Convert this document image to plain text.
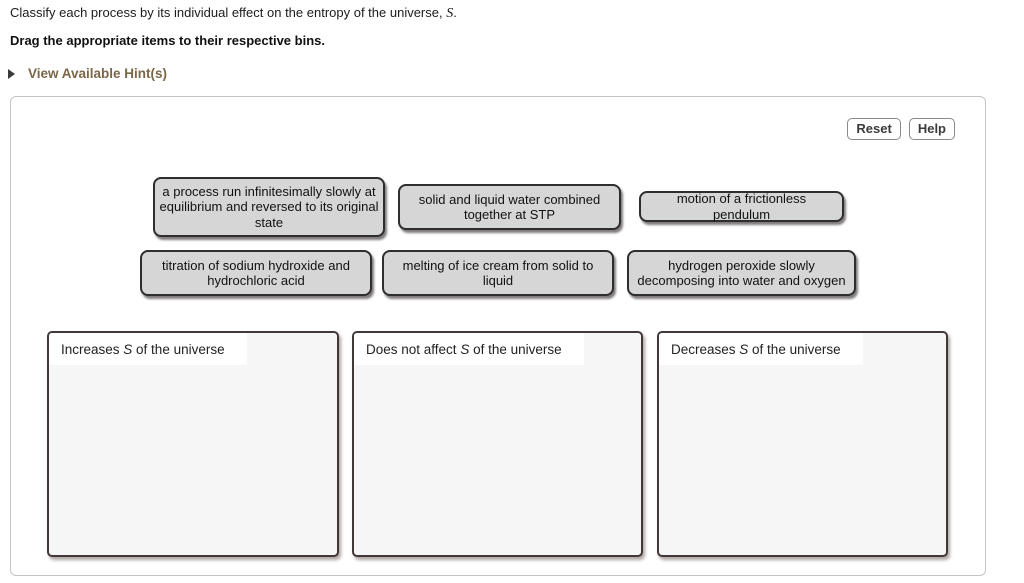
Classify each process by its individual effect on the entropy of the universe, S.
Drag the appropriate items to their respective bins.
View Available Hint(s)
Reset	Help
a process run infinitesimally slowly at equilibrium and reversed to its original state
solid and liquid water combined together at STP
motion of a frictionless pendulum
titration of sodium hydroxide and hydrochloric acid
melting of ice cream from solid to liquid
hydrogen peroxide slowly decomposing into water and oxygen
Increases S of the universe	Does not affect S of the universe	Decreases S of the universe
